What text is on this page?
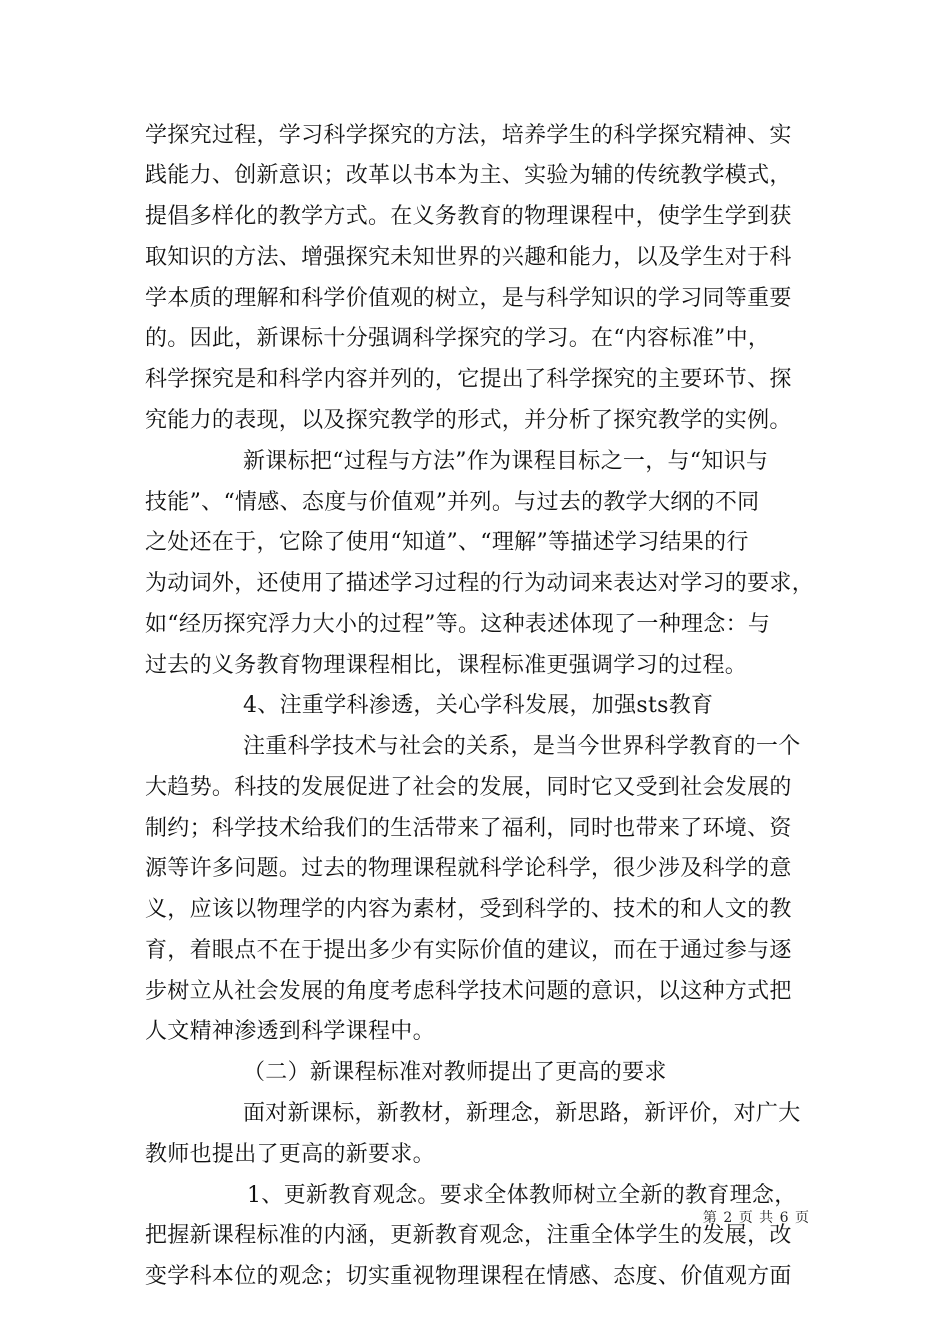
学探究过程，学习科学探究的方法，培养学生的科学探究精神、实
践能力、创新意识；改革以书本为主、实验为辅的传统教学模式，
提倡多样化的教学方式。在义务教育的物理课程中，使学生学到获
取知识的方法、增强探究未知世界的兴趣和能力，以及学生对于科
学本质的理解和科学价值观的树立，是与科学知识的学习同等重要
的。因此，新课标十分强调科学探究的学习。在“内容标准”中，
科学探究是和科学内容并列的，它提出了科学探究的主要环节、探
究能力的表现，以及探究教学的形式，并分析了探究教学的实例。
新课标把“过程与方法”作为课程目标之一，与“知识与
技能”、“情感、态度与价值观”并列。与过去的教学大纲的不同
之处还在于，它除了使用“知道”、“理解”等描述学习结果的行
为动词外，还使用了描述学习过程的行为动词来表达对学习的要求，
如“经历探究浮力大小的过程”等。这种表述体现了一种理念：与
过去的义务教育物理课程相比，课程标准更强调学习的过程。
4、注重学科渗透，关心学科发展，加强sts教育
注重科学技术与社会的关系，是当今世界科学教育的一个
大趋势。科技的发展促进了社会的发展，同时它又受到社会发展的
制约；科学技术给我们的生活带来了福利，同时也带来了环境、资
源等许多问题。过去的物理课程就科学论科学，很少涉及科学的意
义，应该以物理学的内容为素材，受到科学的、技术的和人文的教
育，着眼点不在于提出多少有实际价值的建议，而在于通过参与逐
步树立从社会发展的角度考虑科学技术问题的意识，以这种方式把
人文精神渗透到科学课程中。
（二）新课程标准对教师提出了更高的要求
面对新课标，新教材，新理念，新思路，新评价，对广大
教师也提出了更高的新要求。
1、更新教育观念。要求全体教师树立全新的教育理念，
把握新课程标准的内涵，更新教育观念，注重全体学生的发展，改
变学科本位的观念；切实重视物理课程在情感、态度、价值观方面
第 2 页 共 6 页
